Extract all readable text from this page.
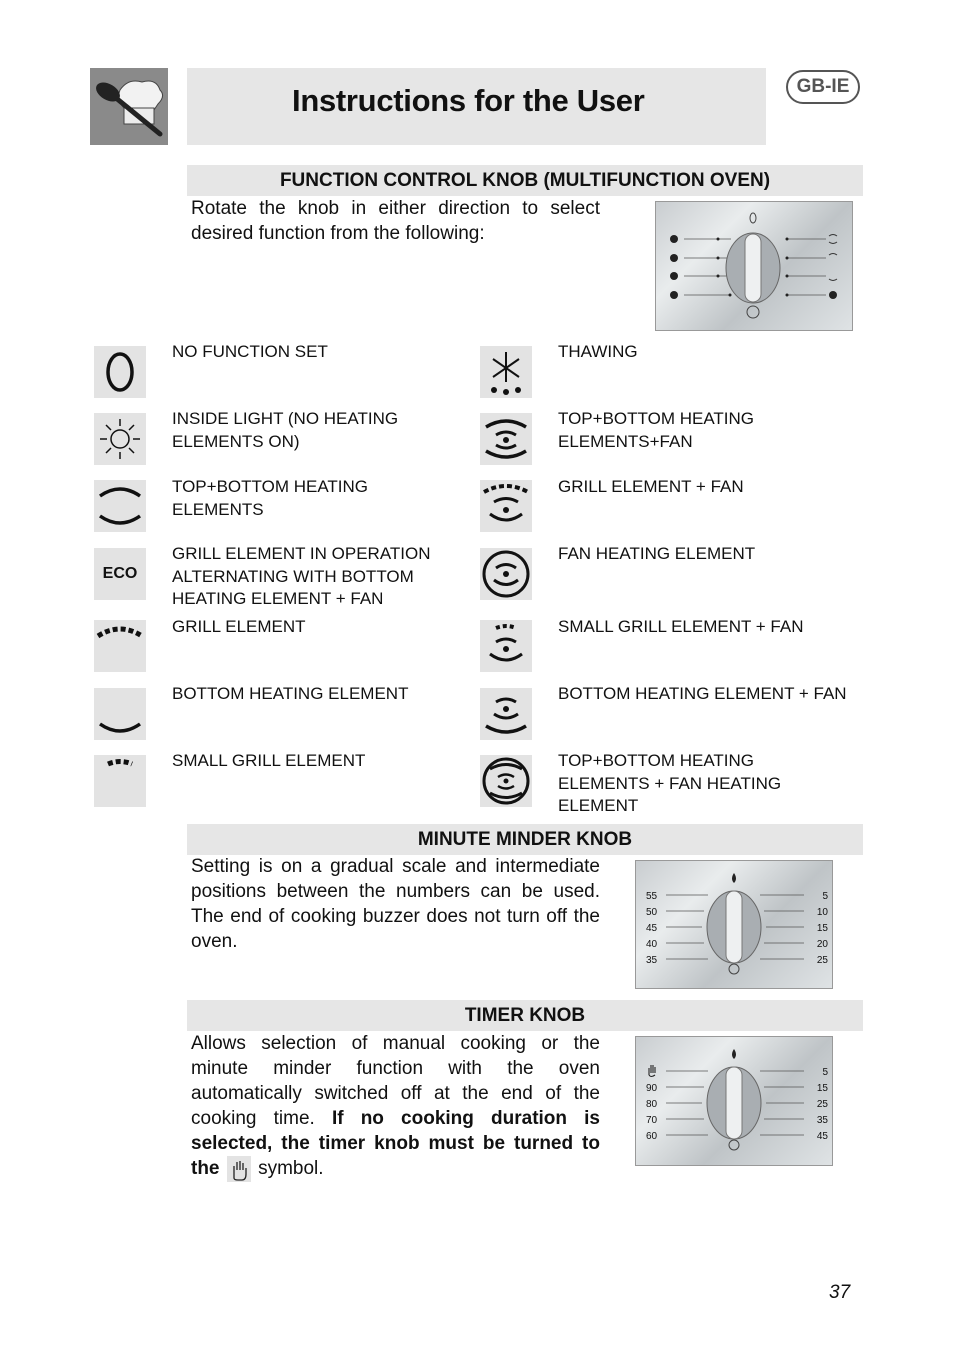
Instructions for the User	GB-IE
FUNCTION CONTROL KNOB (MULTIFUNCTION OVEN)
Rotate the knob in either direction to select desired function from the following:
NO FUNCTION SET
INSIDE LIGHT (NO HEATING ELEMENTS ON)
TOP+BOTTOM HEATING ELEMENTS
ECO
GRILL ELEMENT IN OPERATION ALTERNATING WITH BOTTOM HEATING ELEMENT + FAN
GRILL ELEMENT
BOTTOM HEATING ELEMENT
SMALL GRILL ELEMENT
THAWING
TOP+BOTTOM HEATING ELEMENTS+FAN
GRILL ELEMENT + FAN
FAN HEATING ELEMENT
SMALL GRILL ELEMENT + FAN
BOTTOM HEATING ELEMENT + FAN
TOP+BOTTOM HEATING ELEMENTS + FAN HEATING ELEMENT
MINUTE MINDER KNOB
Setting is on a gradual scale and intermediate positions between the numbers can be used. The end of cooking buzzer does not turn off the oven.
55
50
45
40
35
5
10
15
20
25
TIMER KNOB
Allows selection of manual cooking or the minute minder function with the oven automatically switched off at the end of the cooking time. If no cooking duration is selected, the timer knob must be turned to the symbol.
90
80
70
60
5
15
25
35
45
37
